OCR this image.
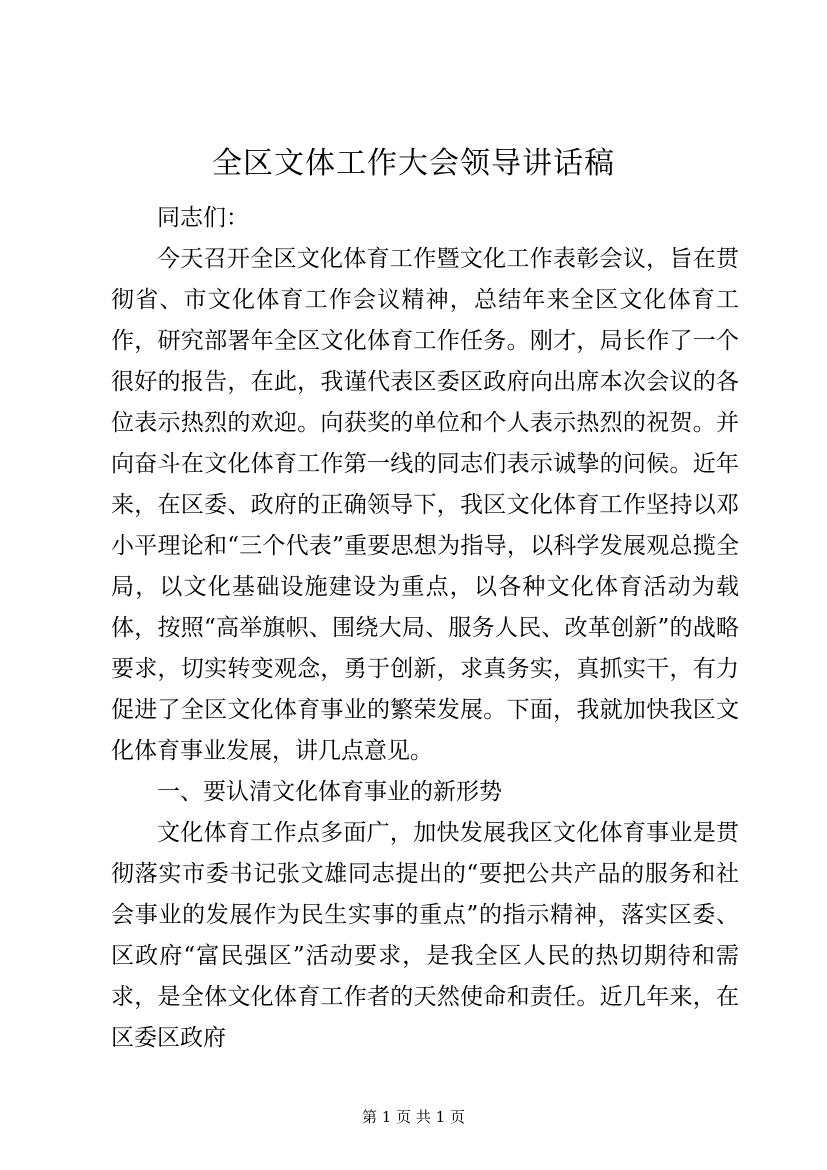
全区文体工作大会领导讲话稿

同志们：

今天召开全区文化体育工作暨文化工作表彰会议，旨在贯彻省、市文化体育工作会议精神，总结年来全区文化体育工作，研究部署年全区文化体育工作任务。刚才，局长作了一个很好的报告，在此，我谨代表区委区政府向出席本次会议的各位表示热烈的欢迎。向获奖的单位和个人表示热烈的祝贺。并向奋斗在文化体育工作第一线的同志们表示诚挚的问候。近年来，在区委、政府的正确领导下，我区文化体育工作坚持以邓小平理论和“三个代表”重要思想为指导，以科学发展观总揽全局，以文化基础设施建设为重点，以各种文化体育活动为载体，按照“高举旗帜、围绕大局、服务人民、改革创新”的战略要求，切实转变观念，勇于创新，求真务实，真抓实干，有力促进了全区文化体育事业的繁荣发展。下面，我就加快我区文化体育事业发展，讲几点意见。

一、要认清文化体育事业的新形势

文化体育工作点多面广，加快发展我区文化体育事业是贯彻落实市委书记张文雄同志提出的“要把公共产品的服务和社会事业的发展作为民生实事的重点”的指示精神，落实区委、区政府“富民强区”活动要求，是我全区人民的热切期待和需求，是全体文化体育工作者的天然使命和责任。近几年来，在区委区政府

第 1 页 共 1 页
